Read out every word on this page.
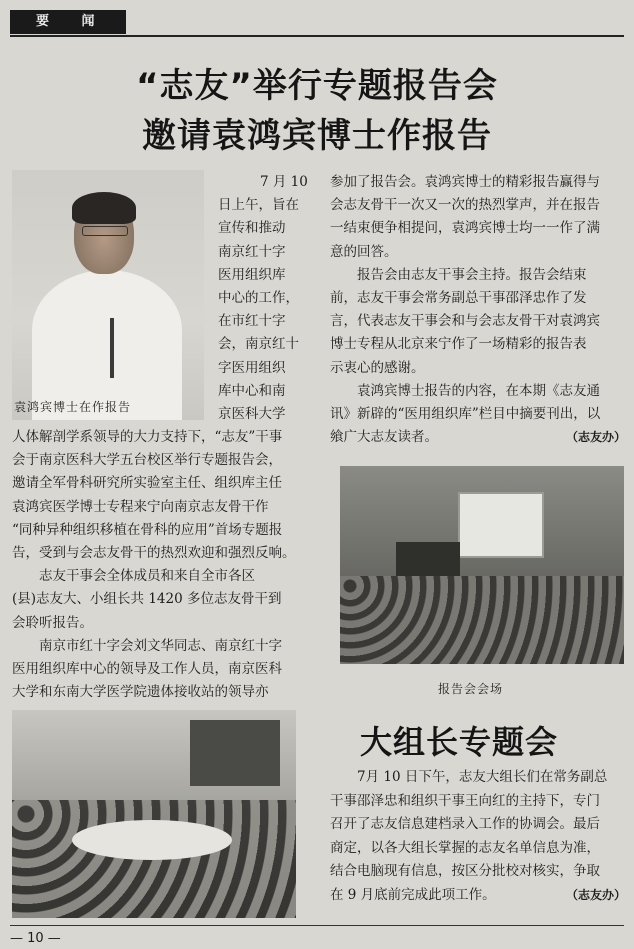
要 闻
“志友”举行专题报告会
邀请袁鸿宾博士作报告
袁鸿宾博士在作报告
7 月 10
日上午，旨在
宣传和推动
南京红十字
医用组织库
中心的工作，
在市红十字
会，南京红十
字医用组织
库中心和南
京医科大学
人体解剖学系领导的大力支持下，“志友”干事
会于南京医科大学五台校区举行专题报告会，
邀请全军骨科研究所实验室主任、组织库主任
袁鸿宾医学博士专程来宁向南京志友骨干作
“同种异种组织移植在骨科的应用”首场专题报
告，受到与会志友骨干的热烈欢迎和强烈反响。
志友干事会全体成员和来自全市各区
(县)志友大、小组长共 1420 多位志友骨干到
会聆听报告。
南京市红十字会刘文华同志、南京红十字
医用组织库中心的领导及工作人员，南京医科
大学和东南大学医学院遗体接收站的领导亦
参加了报告会。袁鸿宾博士的精彩报告赢得与
会志友骨干一次又一次的热烈掌声，并在报告
一结束便争相提问，袁鸿宾博士均一一作了满
意的回答。
报告会由志友干事会主持。报告会结束
前，志友干事会常务副总干事邵泽忠作了发
言，代表志友干事会和与会志友骨干对袁鸿宾
博士专程从北京来宁作了一场精彩的报告表
示衷心的感谢。
袁鸿宾博士报告的内容，在本期《志友通
讯》新辟的“医用组织库”栏目中摘要刊出，以
飨广大志友读者。	（志友办）
报告会会场
大组长专题会
7月 10 日下午，志友大组长们在常务副总
干事邵泽忠和组织干事王向红的主持下，专门
召开了志友信息建档录入工作的协调会。最后
商定，以各大组长掌握的志友名单信息为准，
结合电脑现有信息，按区分批校对核实，争取
在 9 月底前完成此项工作。	（志友办）
— 10 —
